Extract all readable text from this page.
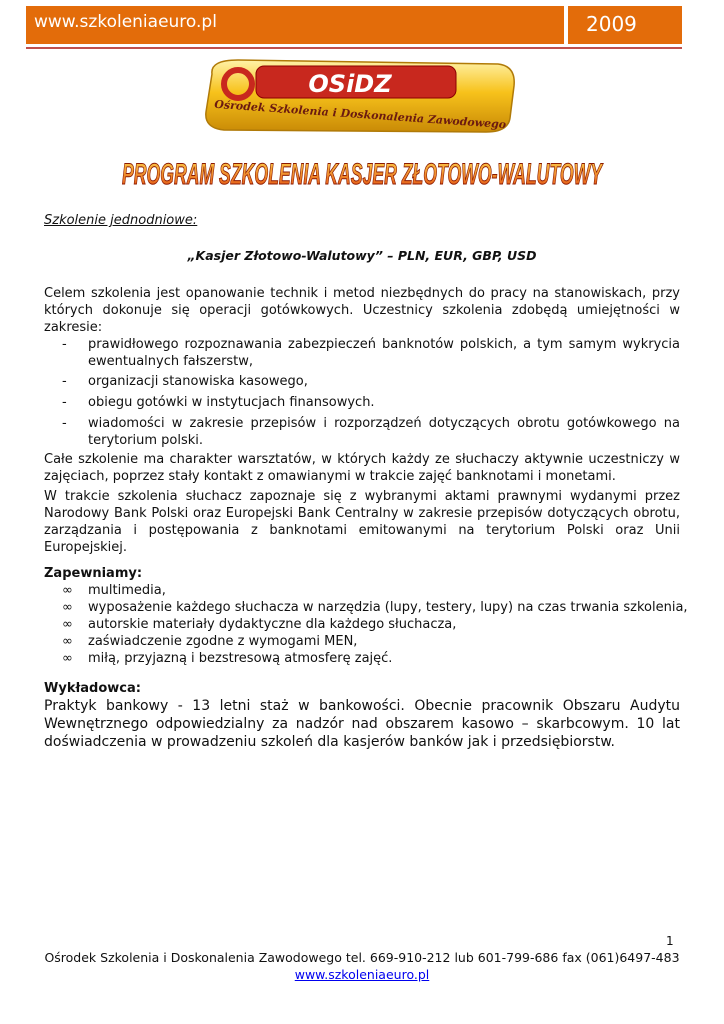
www.szkoleniaeuro.pl	2009
OSiDZ
Ośrodek Szkolenia i Doskonalenia Zawodowego
PROGRAM SZKOLENIA KASJER ZŁOTOWO-WALUTOWY
Szkolenie jednodniowe:
„Kasjer Złotowo-Walutowy” – PLN, EUR, GBP, USD
Celem szkolenia jest opanowanie technik i metod niezbędnych do pracy na stanowiskach, przy których dokonuje się operacji gotówkowych. Uczestnicy szkolenia zdobędą umiejętności w zakresie:
- prawidłowego rozpoznawania zabezpieczeń banknotów polskich, a tym samym wykrycia ewentualnych fałszerstw,
- organizacji stanowiska kasowego,
- obiegu gotówki w instytucjach finansowych.
- wiadomości w zakresie przepisów i rozporządzeń dotyczących obrotu gotówkowego na terytorium polski.
Całe szkolenie ma charakter warsztatów, w których każdy ze słuchaczy aktywnie uczestniczy w zajęciach, poprzez stały kontakt z omawianymi w trakcie zajęć banknotami i monetami.
W trakcie szkolenia słuchacz zapoznaje się z wybranymi aktami prawnymi wydanymi przez Narodowy Bank Polski oraz Europejski Bank Centralny w zakresie przepisów dotyczących obrotu, zarządzania i postępowania z banknotami emitowanymi na terytorium Polski oraz Unii Europejskiej.
Zapewniamy:
∞ multimedia,
∞ wyposażenie każdego słuchacza w narzędzia (lupy, testery, lupy) na czas trwania szkolenia,
∞ autorskie materiały dydaktyczne dla każdego słuchacza,
∞ zaświadczenie zgodne z wymogami MEN,
∞ miłą, przyjazną i bezstresową atmosferę zajęć.
Wykładowca:
Praktyk bankowy - 13 letni staż w bankowości. Obecnie pracownik Obszaru Audytu Wewnętrznego odpowiedzialny za nadzór nad obszarem kasowo – skarbcowym. 10 lat doświadczenia w prowadzeniu szkoleń dla kasjerów banków jak i przedsiębiorstw.
1
Ośrodek Szkolenia i Doskonalenia Zawodowego tel. 669-910-212 lub 601-799-686 fax (061)6497-483
www.szkoleniaeuro.pl
